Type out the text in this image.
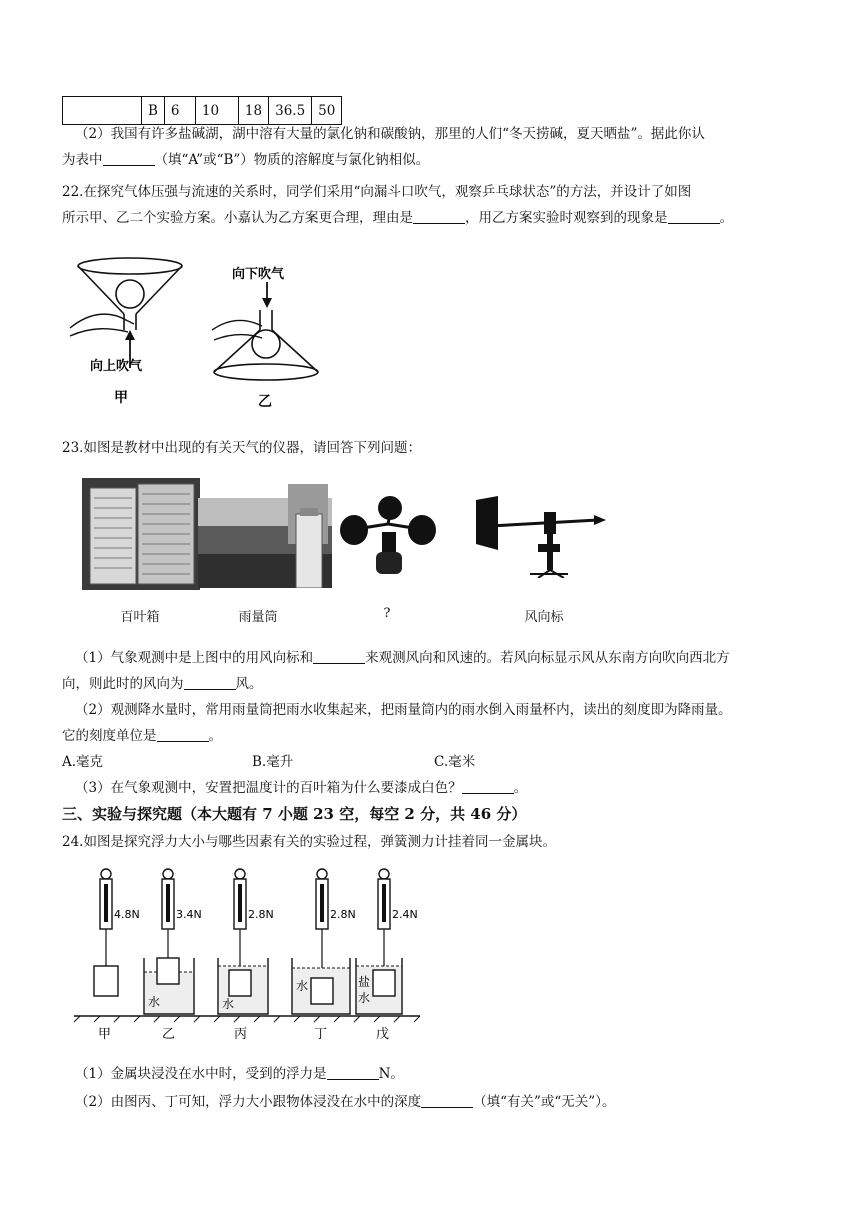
	B	6	10	18	36.5	50
（2）我国有许多盐碱湖，湖中溶有大量的氯化钠和碳酸钠，那里的人们“冬天捞碱，夏天晒盐”。据此你认
为表中	（填“A”或“B”）物质的溶解度与氯化钠相似。
22.在探究气体压强与流速的关系时，同学们采用“向漏斗口吹气，观察乒乓球状态”的方法，并设计了如图
所示甲、乙二个实验方案。小嘉认为乙方案更合理，理由是	，用乙方案实验时观察到的现象是	。
向上吹气
甲
向下吹气
乙
23.如图是教材中出现的有关天气的仪器，请回答下列问题：
百叶箱	雨量筒	?	风向标
（1）气象观测中是上图中的用风向标和	来观测风向和风速的。若风向标显示风从东南方向吹向西北方
向，则此时的风向为	风。
（2）观测降水量时，常用雨量筒把雨水收集起来，把雨量筒内的雨水倒入雨量杯内，读出的刻度即为降雨量。
它的刻度单位是	。
A.毫克	B.毫升	C.毫米
（3）在气象观测中，安置把温度计的百叶箱为什么要漆成白色？	。
三、实验与探究题（本大题有 7 小题 23 空，每空 2 分，共 46 分）
24.如图是探究浮力大小与哪些因素有关的实验过程，弹簧测力计挂着同一金属块。
4.8N
甲
3.4N
水
乙
2.8N
水
丙
2.8N
水
丁
2.4N
盐
水
戊
（1）金属块浸没在水中时，受到的浮力是	N。
（2）由图丙、丁可知，浮力大小跟物体浸没在水中的深度	（填“有关”或“无关”）。
